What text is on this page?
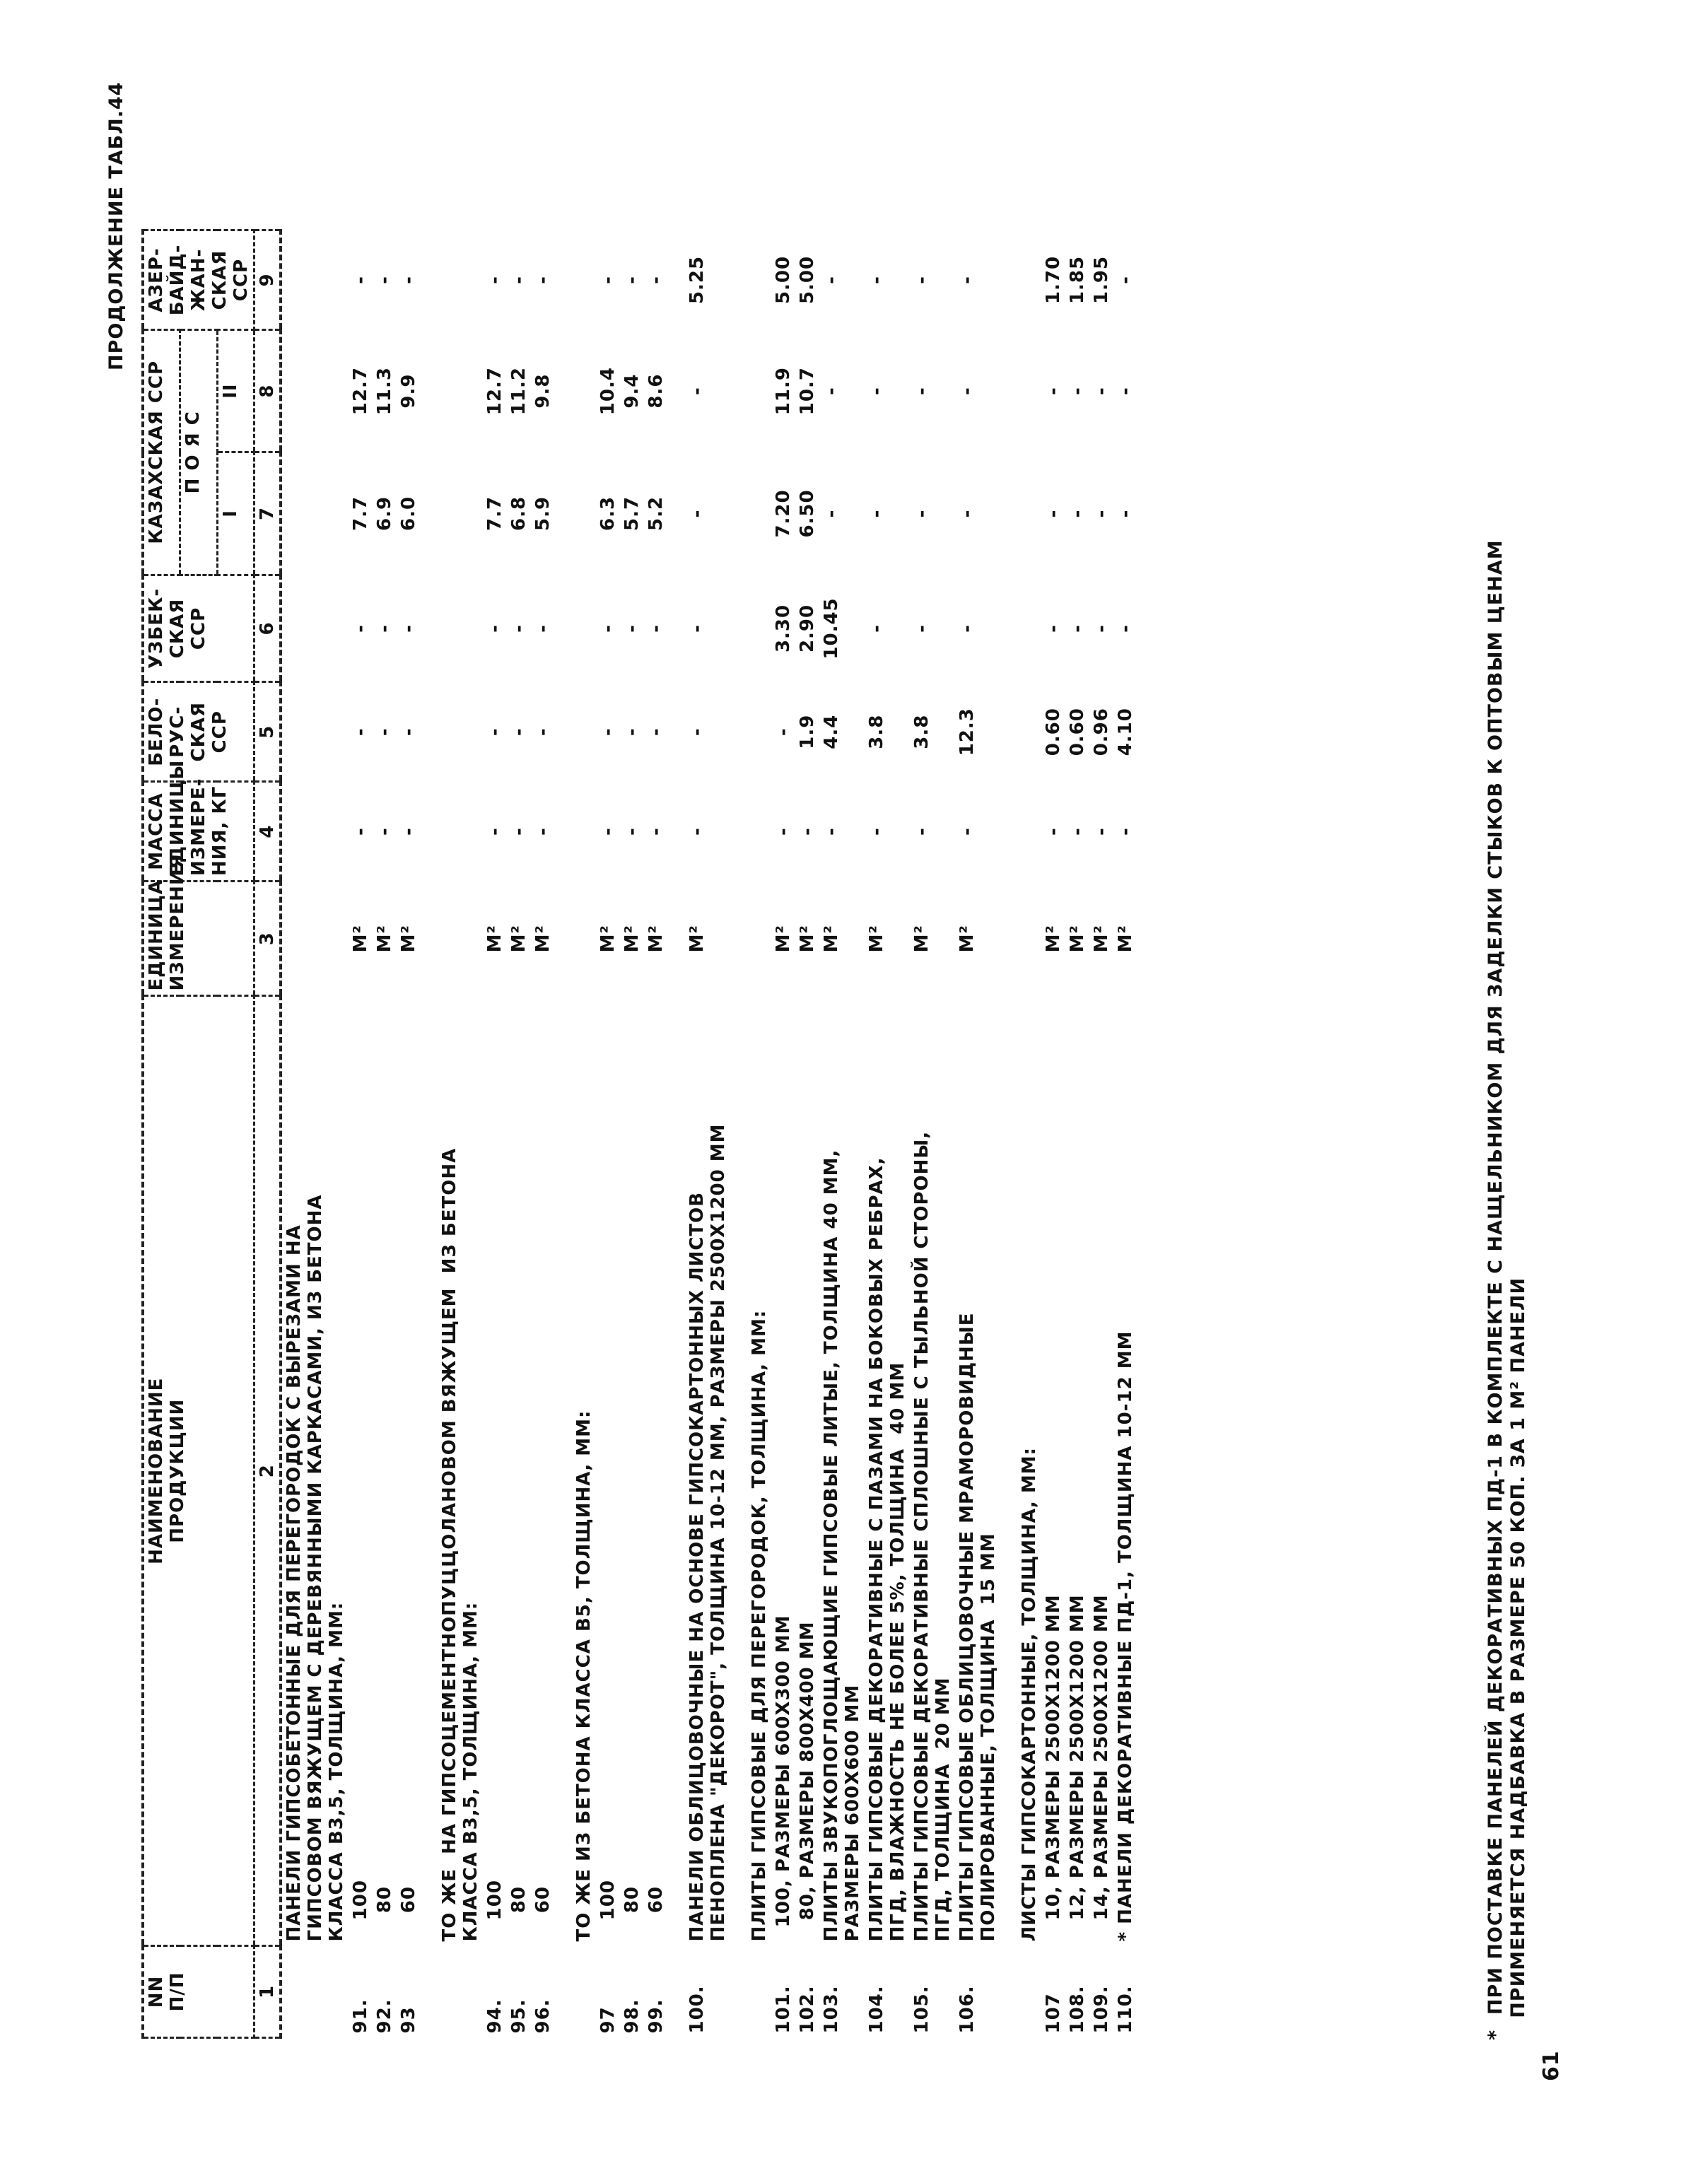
ПРОДОЛЖЕНИЕ ТАБЛ.44
61
NN
П/П	НАИМЕНОВАНИЕ
ПРОДУКЦИИ	ЕДИНИЦА
ИЗМЕРЕНИЯ	МАССА
ЕДИНИЦЫ
ИЗМЕРЕ-
НИЯ, КГ	БЕЛО-
РУС-
СКАЯ
ССР	УЗБЕК-
СКАЯ
ССР	КАЗАХСКАЯ ССР		АЗЕР-
БАЙД-
ЖАН-
СКАЯ
ССР
						П О Я С		
						I	II	
1	2	3	4	5	6	7	8	9
	ПАНЕЛИ ГИПСОБЕТОННЫЕ ДЛЯ ПЕРЕГОРОДОК С ВЫРЕЗАМИ НА
ГИПСОВОМ ВЯЖУЩЕМ С ДЕРЕВЯННЫМИ КАРКАСАМИ, ИЗ БЕТОНА
КЛАССА В3,5, ТОЛЩИНА, ММ:							
91.	100	М²	-	-	-	7.7	12.7	-
92.	80	М²	-	-	-	6.9	11.3	-
93	60	М²	-	-	-	6.0	9.9	-
	ТО ЖЕ  НА ГИПСОЦЕМЕНТНОПУЦЦОЛАНОВОМ ВЯЖУЩЕМ  ИЗ БЕТОНА
КЛАССА В3,5, ТОЛЩИНА, ММ:							
94.	100	М²	-	-	-	7.7	12.7	-
95.	80	М²	-	-	-	6.8	11.2	-
96.	60	М²	-	-	-	5.9	9.8	-
	ТО ЖЕ ИЗ БЕТОНА КЛАССА В5, ТОЛЩИНА, ММ:							
97	100	М²	-	-	-	6.3	10.4	-
98.	80	М²	-	-	-	5.7	9.4	-
99.	60	М²	-	-	-	5.2	8.6	-
100.	ПАНЕЛИ ОБЛИЦОВОЧНЫЕ НА ОСНОВЕ ГИПСОКАРТОННЫХ ЛИСТОВ
ПЕНОПЛЕНА "ДЕКОРОТ", ТОЛЩИНА 10-12 ММ, РАЗМЕРЫ 2500Х1200 ММ	М²	-	-	-	-	-	5.25
	ПЛИТЫ ГИПСОВЫЕ ДЛЯ ПЕРЕГОРОДОК, ТОЛЩИНА, ММ:							
101.	100, РАЗМЕРЫ 600Х300 ММ	М²	-	-	3.30	7.20	11.9	5.00
102.	80, РАЗМЕРЫ 800Х400 ММ	М²	-	1.9	2.90	6.50	10.7	5.00
103.	ПЛИТЫ ЗВУКОПОГЛОЩАЮЩИЕ ГИПСОВЫЕ ЛИТЫЕ, ТОЛЩИНА 40 ММ,
РАЗМЕРЫ 600Х600 ММ	М²	-	4.4	10.45	-	-	-
104.	ПЛИТЫ ГИПСОВЫЕ ДЕКОРАТИВНЫЕ С ПАЗАМИ НА БОКОВЫХ РЕБРАХ,
ПГД, ВЛАЖНОСТЬ НЕ БОЛЕЕ 5%, ТОЛЩИНА  40 ММ	М²	-	3.8	-	-	-	-
105.	ПЛИТЫ ГИПСОВЫЕ ДЕКОРАТИВНЫЕ СПЛОШНЫЕ С ТЫЛЬНОЙ СТОРОНЫ,
ПГД, ТОЛЩИНА  20 ММ	М²	-	3.8	-	-	-	-
106.	ПЛИТЫ ГИПСОВЫЕ ОБЛИЦОВОЧНЫЕ МРАМОРОВИДНЫЕ
ПОЛИРОВАННЫЕ, ТОЛЩИНА  15 ММ	М²	-	12.3	-	-	-	-
	ЛИСТЫ ГИПСОКАРТОННЫЕ, ТОЛЩИНА, ММ:							
107	10, РАЗМЕРЫ 2500Х1200 ММ	М²	-	0.60	-	-	-	1.70
108.	12, РАЗМЕРЫ 2500Х1200 ММ	М²	-	0.60	-	-	-	1.85
109.	14, РАЗМЕРЫ 2500Х1200 ММ	М²	-	0.96	-	-	-	1.95
110.	* ПАНЕЛИ ДЕКОРАТИВНЫЕ ПД-1, ТОЛЩИНА 10-12 ММ	М²	-	4.10	-	-	-	-
*  ПРИ ПОСТАВКЕ ПАНЕЛЕЙ ДЕКОРАТИВНЫХ ПД-1 В КОМПЛЕКТЕ С НАЩЕЛЬНИКОМ ДЛЯ ЗАДЕЛКИ СТЫКОВ К ОПТОВЫМ ЦЕНАМ
ПРИМЕНЯЕТСЯ НАДБАВКА В РАЗМЕРЕ 50 КОП. ЗА 1 М² ПАНЕЛИ
